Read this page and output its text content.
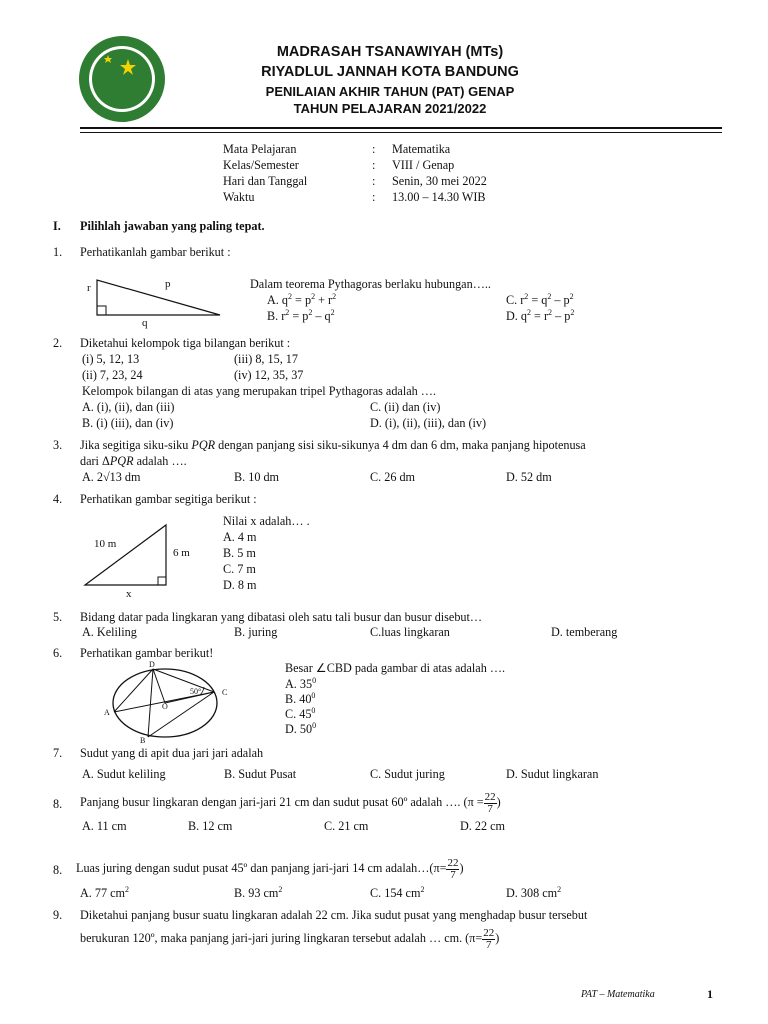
MADRASAH TSANAWIYAH (MTs)
RIYADLUL JANNAH KOTA BANDUNG
PENILAIAN AKHIR TAHUN (PAT) GENAP
TAHUN PELAJARAN 2021/2022
Mata Pelajaran	: Matematika
Kelas/Semester	: VIII / Genap
Hari dan Tanggal	: Senin, 30 mei 2022
Waktu	: 13.00 – 14.30 WIB
I. Pilihlah jawaban yang paling tepat.
1. Perhatikanlah gambar berikut :
r	p
q
Dalam teorema Pythagoras berlaku hubungan…..
A. $q^2 = p^2 + r^2$	C. $r^2 = q^2 - p^2$
B. $r^2 = p^2 - q^2$	D. $q^2 = r^2 - p^2$
2. Diketahui kelompok tiga bilangan berikut :
(i) 5, 12, 13	(iii) 8, 15, 17
(ii) 7, 23, 24	(iv) 12, 35, 37
Kelompok bilangan di atas yang merupakan tripel Pythagoras adalah ….
A. (i), (ii), dan (iii)	C. (ii) dan (iv)
B. (i) (iii), dan (iv)	D. (i), (ii), (iii), dan (iv)
3. Jika segitiga siku-siku PQR dengan panjang sisi siku-sikunya 4 dm dan 6 dm, maka panjang hipotenusa
dari ΔPQR adalah ….
A. 2√13 dm	B. 10 dm	C. 26 dm	D. 52 dm
4. Perhatikan gambar segitiga berikut :
10 m
6 m
x
Nilai x adalah… .
A. 4 m
B. 5 m
C. 7 m
D. 8 m
5. Bidang datar pada lingkaran yang dibatasi oleh satu tali busur dan busur disebut…
A. Keliling	B. juring	C.luas lingkaran	D. temberang
6. Perhatikan gambar berikut!
D
A
B
C
O
50°
Besar ∠CBD pada gambar di atas adalah ….
A. $35^0$
B. $40^0$
C. $45^0$
D. $50^0$
7. Sudut yang di apit dua jari jari adalah
A. Sudut keliling	B. Sudut Pusat	C. Sudut juring	D. Sudut lingkaran
8. Panjang busur lingkaran dengan jari-jari 21 cm dan sudut pusat 60º adalah …. ($\pi = \frac{22}{7}$ )
A. 11 cm	B. 12 cm	C. 21 cm	D. 22 cm
8. Luas juring dengan sudut pusat 45º dan panjang jari-jari 14 cm adalah…(π= $\frac{22}{7}$ )
A. 77 $cm^2$	B. 93 $cm^2$	C. 154 $cm^2$	D. 308 $cm^2$
9. Diketahui panjang busur suatu lingkaran adalah 22 cm. Jika sudut pusat yang menghadap busur tersebut
berukuran 120º, maka panjang jari-jari juring lingkaran tersebut adalah … cm. ($\pi= \frac{22}{7}$ )
PAT – Matematika	1
